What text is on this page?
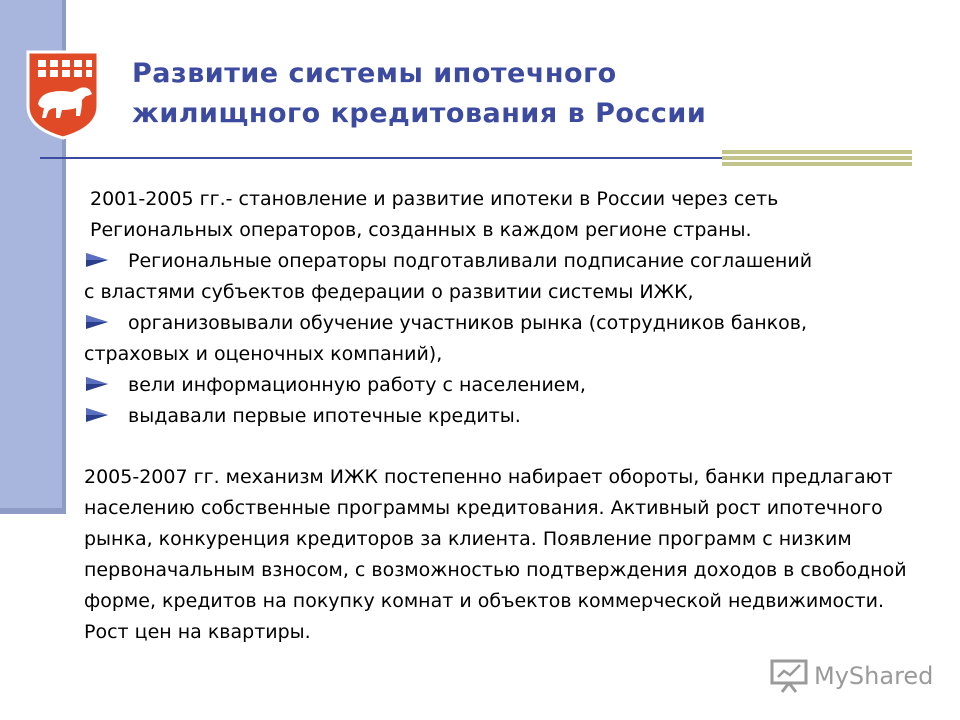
Развитие системы ипотечного
жилищного кредитования в России

2001-2005 гг.- становление и развитие ипотеки в России через сеть Региональных операторов, созданных в каждом регионе страны.

Региональные операторы подготавливали подписание соглашений

с властями субъектов федерации о развитии системы ИЖК,

организовывали обучение участников рынка (сотрудников банков,

страховых и оценочных компаний),

вели информационную работу с населением,
выдавали первые ипотечные кредиты.

2005-2007 гг. механизм ИЖК постепенно набирает обороты, банки предлагают населению собственные программы кредитования. Активный рост ипотечного рынка, конкуренция кредиторов за клиента. Появление программ с низким первоначальным взносом, с возможностью подтверждения доходов в свободной форме, кредитов на покупку комнат и объектов коммерческой недвижимости. Рост цен на квартиры.

MyShared
